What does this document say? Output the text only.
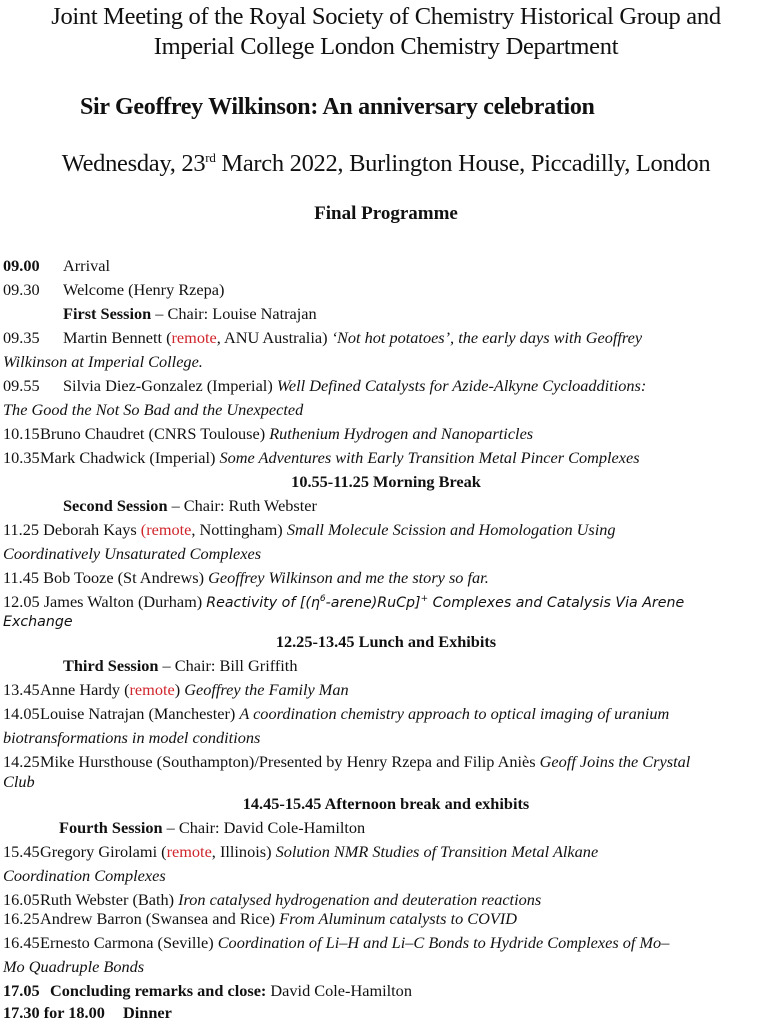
Joint Meeting of the Royal Society of Chemistry Historical Group and
Imperial College London Chemistry Department
Sir Geoffrey Wilkinson: An anniversary celebration
Wednesday, 23rd March 2022, Burlington House, Piccadilly, London
Final Programme
09.00 Arrival
09.30 Welcome (Henry Rzepa)
First Session – Chair: Louise Natrajan
09.35 Martin Bennett (remote, ANU Australia) ‘Not hot potatoes’, the early days with Geoffrey
Wilkinson at Imperial College.
09.55 Silvia Diez-Gonzalez (Imperial) Well Defined Catalysts for Azide-Alkyne Cycloadditions:
The Good the Not So Bad and the Unexpected
10.15Bruno Chaudret (CNRS Toulouse) Ruthenium Hydrogen and Nanoparticles
10.35Mark Chadwick (Imperial) Some Adventures with Early Transition Metal Pincer Complexes
10.55-11.25 Morning Break
Second Session – Chair: Ruth Webster
11.25 Deborah Kays (remote, Nottingham) Small Molecule Scission and Homologation Using
Coordinatively Unsaturated Complexes
11.45 Bob Tooze (St Andrews) Geoffrey Wilkinson and me the story so far.
12.05 James Walton (Durham) Reactivity of $[(\eta^6-arene)RuCp]^+$ Complexes and Catalysis Via Arene
Exchange
12.25-13.45 Lunch and Exhibits
Third Session – Chair: Bill Griffith
13.45Anne Hardy (remote) Geoffrey the Family Man
14.05Louise Natrajan (Manchester) A coordination chemistry approach to optical imaging of uranium
biotransformations in model conditions
14.25Mike Hursthouse (Southampton)/Presented by Henry Rzepa and Filip Aniès Geoff Joins the Crystal
Club
14.45-15.45 Afternoon break and exhibits
Fourth Session – Chair: David Cole-Hamilton
15.45Gregory Girolami (remote, Illinois) Solution NMR Studies of Transition Metal Alkane
Coordination Complexes
16.05Ruth Webster (Bath) Iron catalysed hydrogenation and deuteration reactions
16.25Andrew Barron (Swansea and Rice) From Aluminum catalysts to COVID
16.45Ernesto Carmona (Seville) Coordination of Li–H and Li–C Bonds to Hydride Complexes of Mo–
Mo Quadruple Bonds
17.05 Concluding remarks and close: David Cole-Hamilton
17.30 for 18.00 Dinner
